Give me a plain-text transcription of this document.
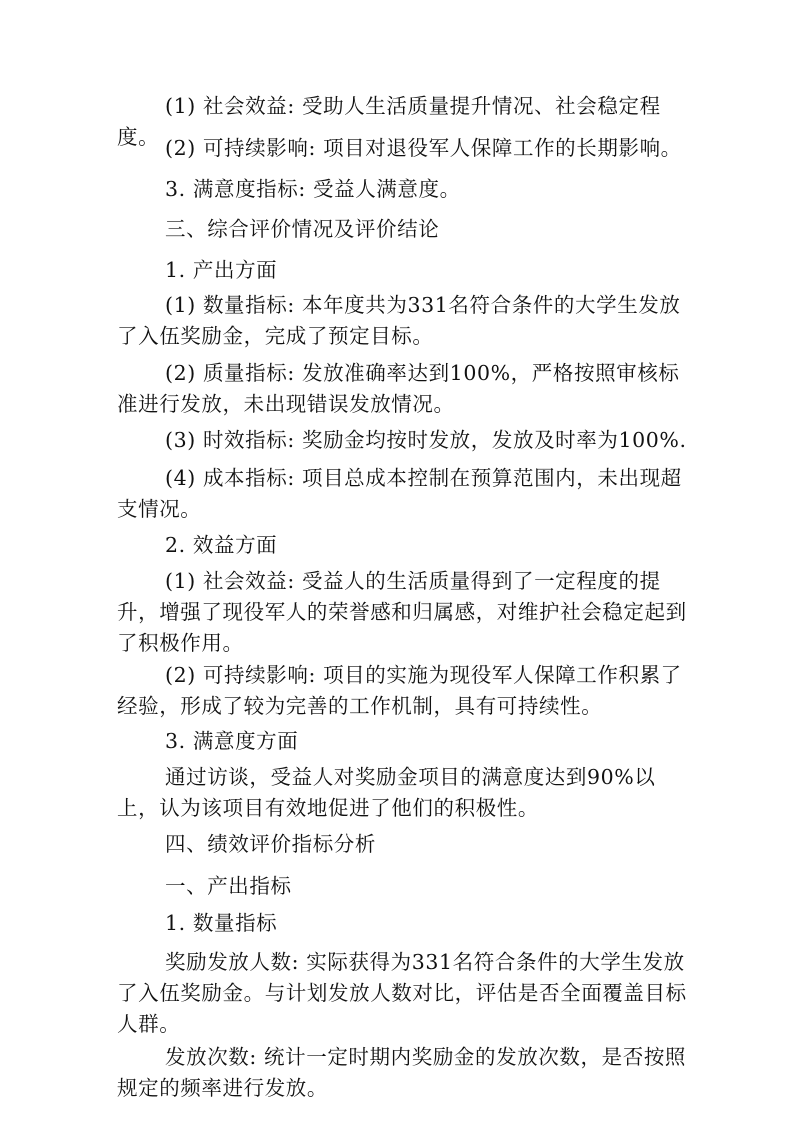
(1) 社会效益: 受助人生活质量提升情况、社会稳定程度。 (2) 可持续影响: 项目对退役军人保障工作的长期影响。

3. 满意度指标: 受益人满意度。

三、综合评价情况及评价结论

1. 产出方面

(1) 数量指标: 本年度共为331名符合条件的大学生发放了入伍奖励金，完成了预定目标。

(2) 质量指标: 发放准确率达到100%，严格按照审核标准进行发放，未出现错误发放情况。

(3) 时效指标: 奖励金均按时发放，发放及时率为100%.

(4) 成本指标: 项目总成本控制在预算范围内，未出现超支情况。

2. 效益方面

(1) 社会效益: 受益人的生活质量得到了一定程度的提升，增强了现役军人的荣誉感和归属感，对维护社会稳定起到了积极作用。

(2) 可持续影响: 项目的实施为现役军人保障工作积累了经验，形成了较为完善的工作机制，具有可持续性。

3. 满意度方面

通过访谈，受益人对奖励金项目的满意度达到90%以上，认为该项目有效地促进了他们的积极性。

四、绩效评价指标分析

一、产出指标

1. 数量指标

奖励发放人数: 实际获得为331名符合条件的大学生发放了入伍奖励金。与计划发放人数对比，评估是否全面覆盖目标人群。

发放次数: 统计一定时期内奖励金的发放次数，是否按照规定的频率进行发放。
